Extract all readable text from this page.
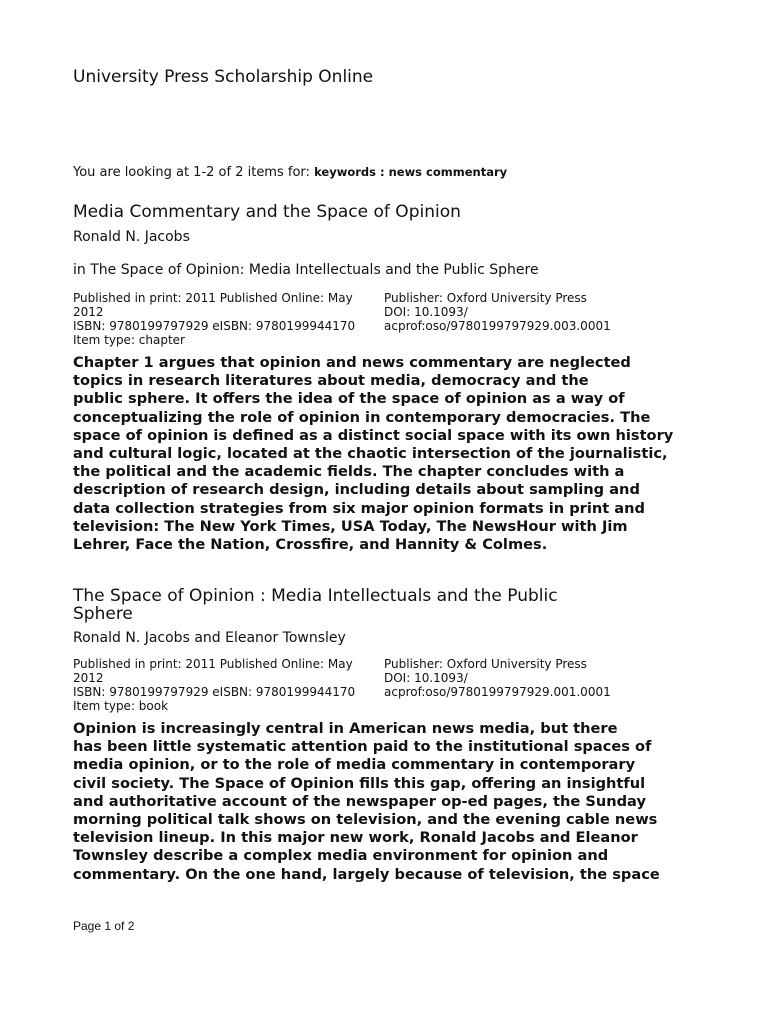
University Press Scholarship Online
You are looking at 1-2 of 2 items for: keywords : news commentary
Media Commentary and the Space of Opinion
Ronald N. Jacobs
in The Space of Opinion: Media Intellectuals and the Public Sphere
Published in print: 2011 Published Online: May
2012
ISBN: 9780199797929 eISBN: 9780199944170
Item type: chapter
Publisher: Oxford University Press
DOI: 10.1093/
acprof:oso/9780199797929.003.0001
Chapter 1 argues that opinion and news commentary are neglected
topics in research literatures about media, democracy and the
public sphere. It offers the idea of the space of opinion as a way of
conceptualizing the role of opinion in contemporary democracies. The
space of opinion is defined as a distinct social space with its own history
and cultural logic, located at the chaotic intersection of the journalistic,
the political and the academic fields. The chapter concludes with a
description of research design, including details about sampling and
data collection strategies from six major opinion formats in print and
television: The New York Times, USA Today, The NewsHour with Jim
Lehrer, Face the Nation, Crossfire, and Hannity & Colmes.
The Space of Opinion : Media Intellectuals and the Public
Sphere
Ronald N. Jacobs and Eleanor Townsley
Published in print: 2011 Published Online: May
2012
ISBN: 9780199797929 eISBN: 9780199944170
Item type: book
Publisher: Oxford University Press
DOI: 10.1093/
acprof:oso/9780199797929.001.0001
Opinion is increasingly central in American news media, but there
has been little systematic attention paid to the institutional spaces of
media opinion, or to the role of media commentary in contemporary
civil society. The Space of Opinion fills this gap, offering an insightful
and authoritative account of the newspaper op-ed pages, the Sunday
morning political talk shows on television, and the evening cable news
television lineup. In this major new work, Ronald Jacobs and Eleanor
Townsley describe a complex media environment for opinion and
commentary. On the one hand, largely because of television, the space
Page 1 of 2
